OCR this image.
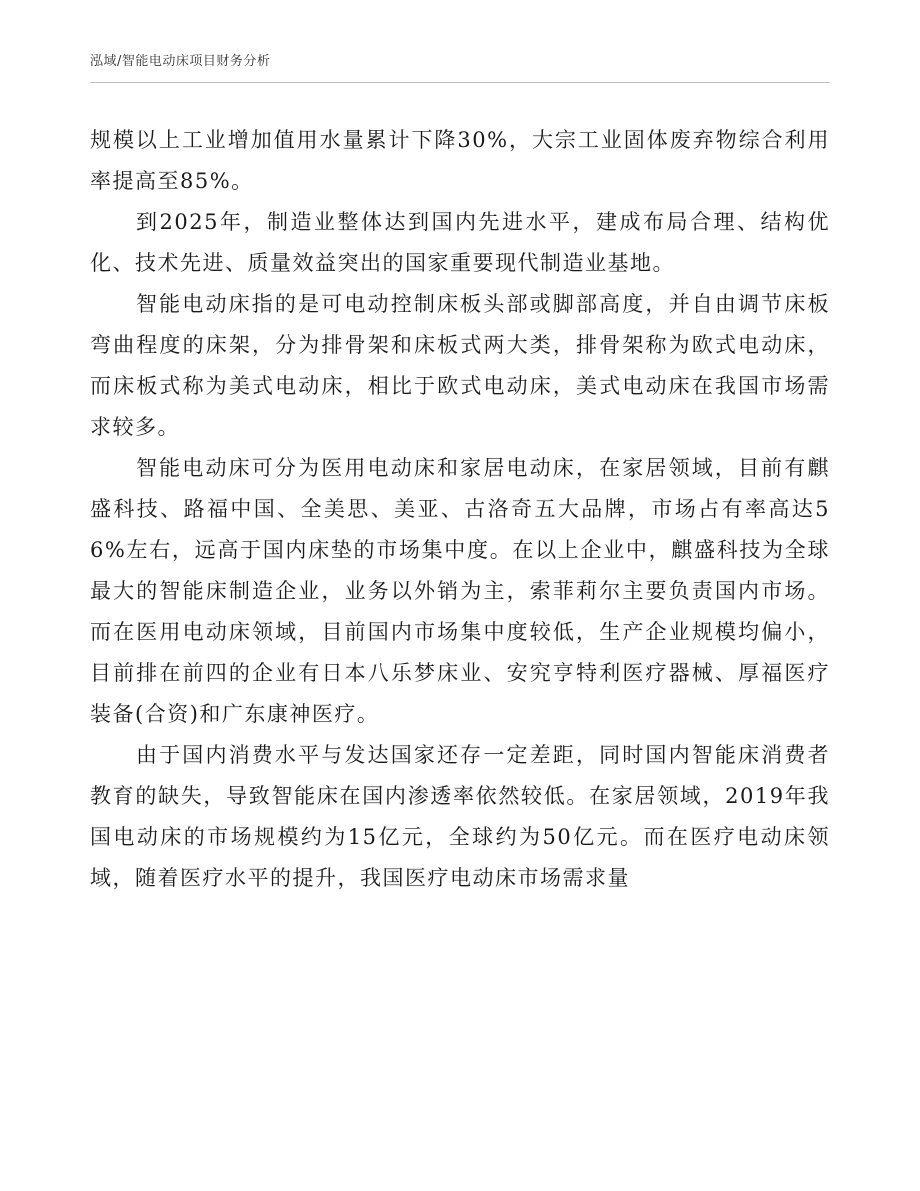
泓域/智能电动床项目财务分析

规模以上工业增加值用水量累计下降30%，大宗工业固体废弃物综合利用率提高至85%。

到2025年，制造业整体达到国内先进水平，建成布局合理、结构优化、技术先进、质量效益突出的国家重要现代制造业基地。

智能电动床指的是可电动控制床板头部或脚部高度，并自由调节床板弯曲程度的床架，分为排骨架和床板式两大类，排骨架称为欧式电动床，而床板式称为美式电动床，相比于欧式电动床，美式电动床在我国市场需求较多。

智能电动床可分为医用电动床和家居电动床，在家居领域，目前有麒盛科技、路福中国、全美思、美亚、古洛奇五大品牌，市场占有率高达56%左右，远高于国内床垫的市场集中度。在以上企业中，麒盛科技为全球最大的智能床制造企业，业务以外销为主，索菲莉尔主要负责国内市场。而在医用电动床领域，目前国内市场集中度较低，生产企业规模均偏小，目前排在前四的企业有日本八乐梦床业、安究亨特利医疗器械、厚福医疗装备(合资)和广东康神医疗。

由于国内消费水平与发达国家还存一定差距，同时国内智能床消费者教育的缺失，导致智能床在国内渗透率依然较低。在家居领域，2019年我国电动床的市场规模约为15亿元，全球约为50亿元。而在医疗电动床领域，随着医疗水平的提升，我国医疗电动床市场需求量
